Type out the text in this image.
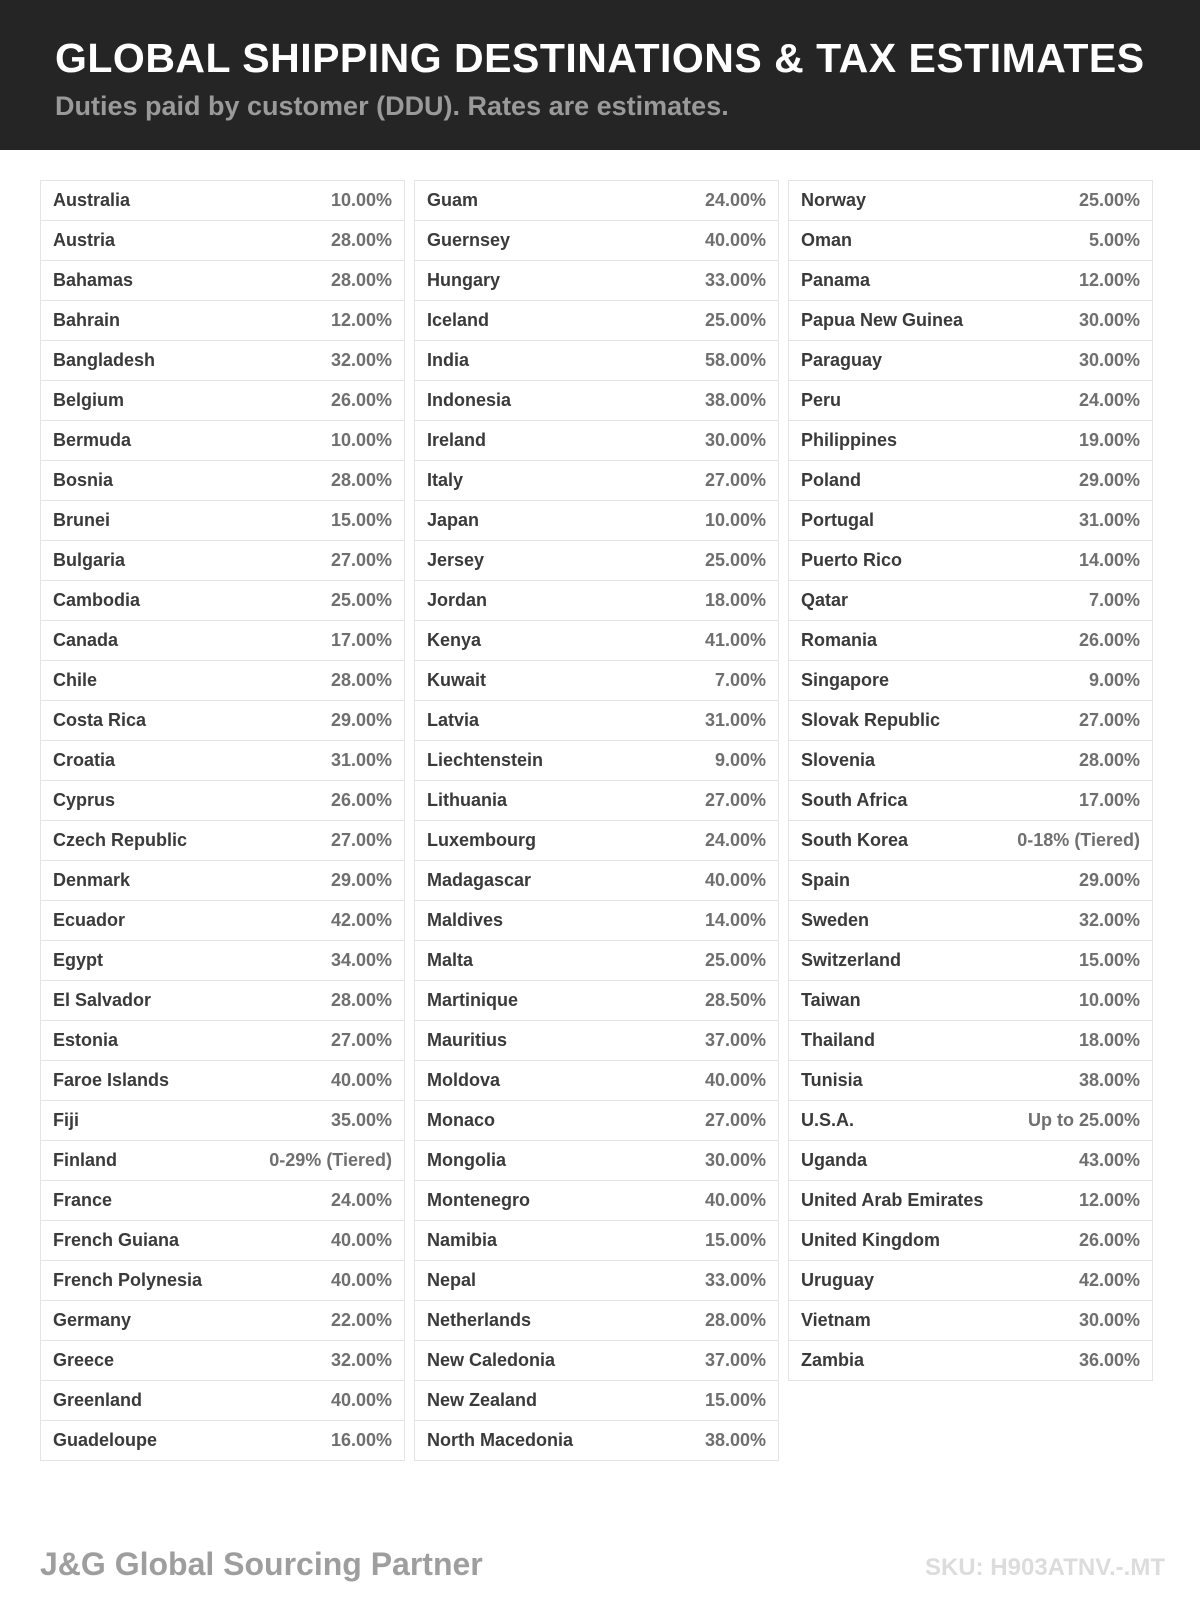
GLOBAL SHIPPING DESTINATIONS & TAX ESTIMATES
Duties paid by customer (DDU). Rates are estimates.
Australia	10.00%
Austria	28.00%
Bahamas	28.00%
Bahrain	12.00%
Bangladesh	32.00%
Belgium	26.00%
Bermuda	10.00%
Bosnia	28.00%
Brunei	15.00%
Bulgaria	27.00%
Cambodia	25.00%
Canada	17.00%
Chile	28.00%
Costa Rica	29.00%
Croatia	31.00%
Cyprus	26.00%
Czech Republic	27.00%
Denmark	29.00%
Ecuador	42.00%
Egypt	34.00%
El Salvador	28.00%
Estonia	27.00%
Faroe Islands	40.00%
Fiji	35.00%
Finland	0-29% (Tiered)
France	24.00%
French Guiana	40.00%
French Polynesia	40.00%
Germany	22.00%
Greece	32.00%
Greenland	40.00%
Guadeloupe	16.00%
Guam	24.00%
Guernsey	40.00%
Hungary	33.00%
Iceland	25.00%
India	58.00%
Indonesia	38.00%
Ireland	30.00%
Italy	27.00%
Japan	10.00%
Jersey	25.00%
Jordan	18.00%
Kenya	41.00%
Kuwait	7.00%
Latvia	31.00%
Liechtenstein	9.00%
Lithuania	27.00%
Luxembourg	24.00%
Madagascar	40.00%
Maldives	14.00%
Malta	25.00%
Martinique	28.50%
Mauritius	37.00%
Moldova	40.00%
Monaco	27.00%
Mongolia	30.00%
Montenegro	40.00%
Namibia	15.00%
Nepal	33.00%
Netherlands	28.00%
New Caledonia	37.00%
New Zealand	15.00%
North Macedonia	38.00%
Norway	25.00%
Oman	5.00%
Panama	12.00%
Papua New Guinea	30.00%
Paraguay	30.00%
Peru	24.00%
Philippines	19.00%
Poland	29.00%
Portugal	31.00%
Puerto Rico	14.00%
Qatar	7.00%
Romania	26.00%
Singapore	9.00%
Slovak Republic	27.00%
Slovenia	28.00%
South Africa	17.00%
South Korea	0-18% (Tiered)
Spain	29.00%
Sweden	32.00%
Switzerland	15.00%
Taiwan	10.00%
Thailand	18.00%
Tunisia	38.00%
U.S.A.	Up to 25.00%
Uganda	43.00%
United Arab Emirates	12.00%
United Kingdom	26.00%
Uruguay	42.00%
Vietnam	30.00%
Zambia	36.00%
J&G Global Sourcing Partner	SKU: H903ATNV.-.MT
